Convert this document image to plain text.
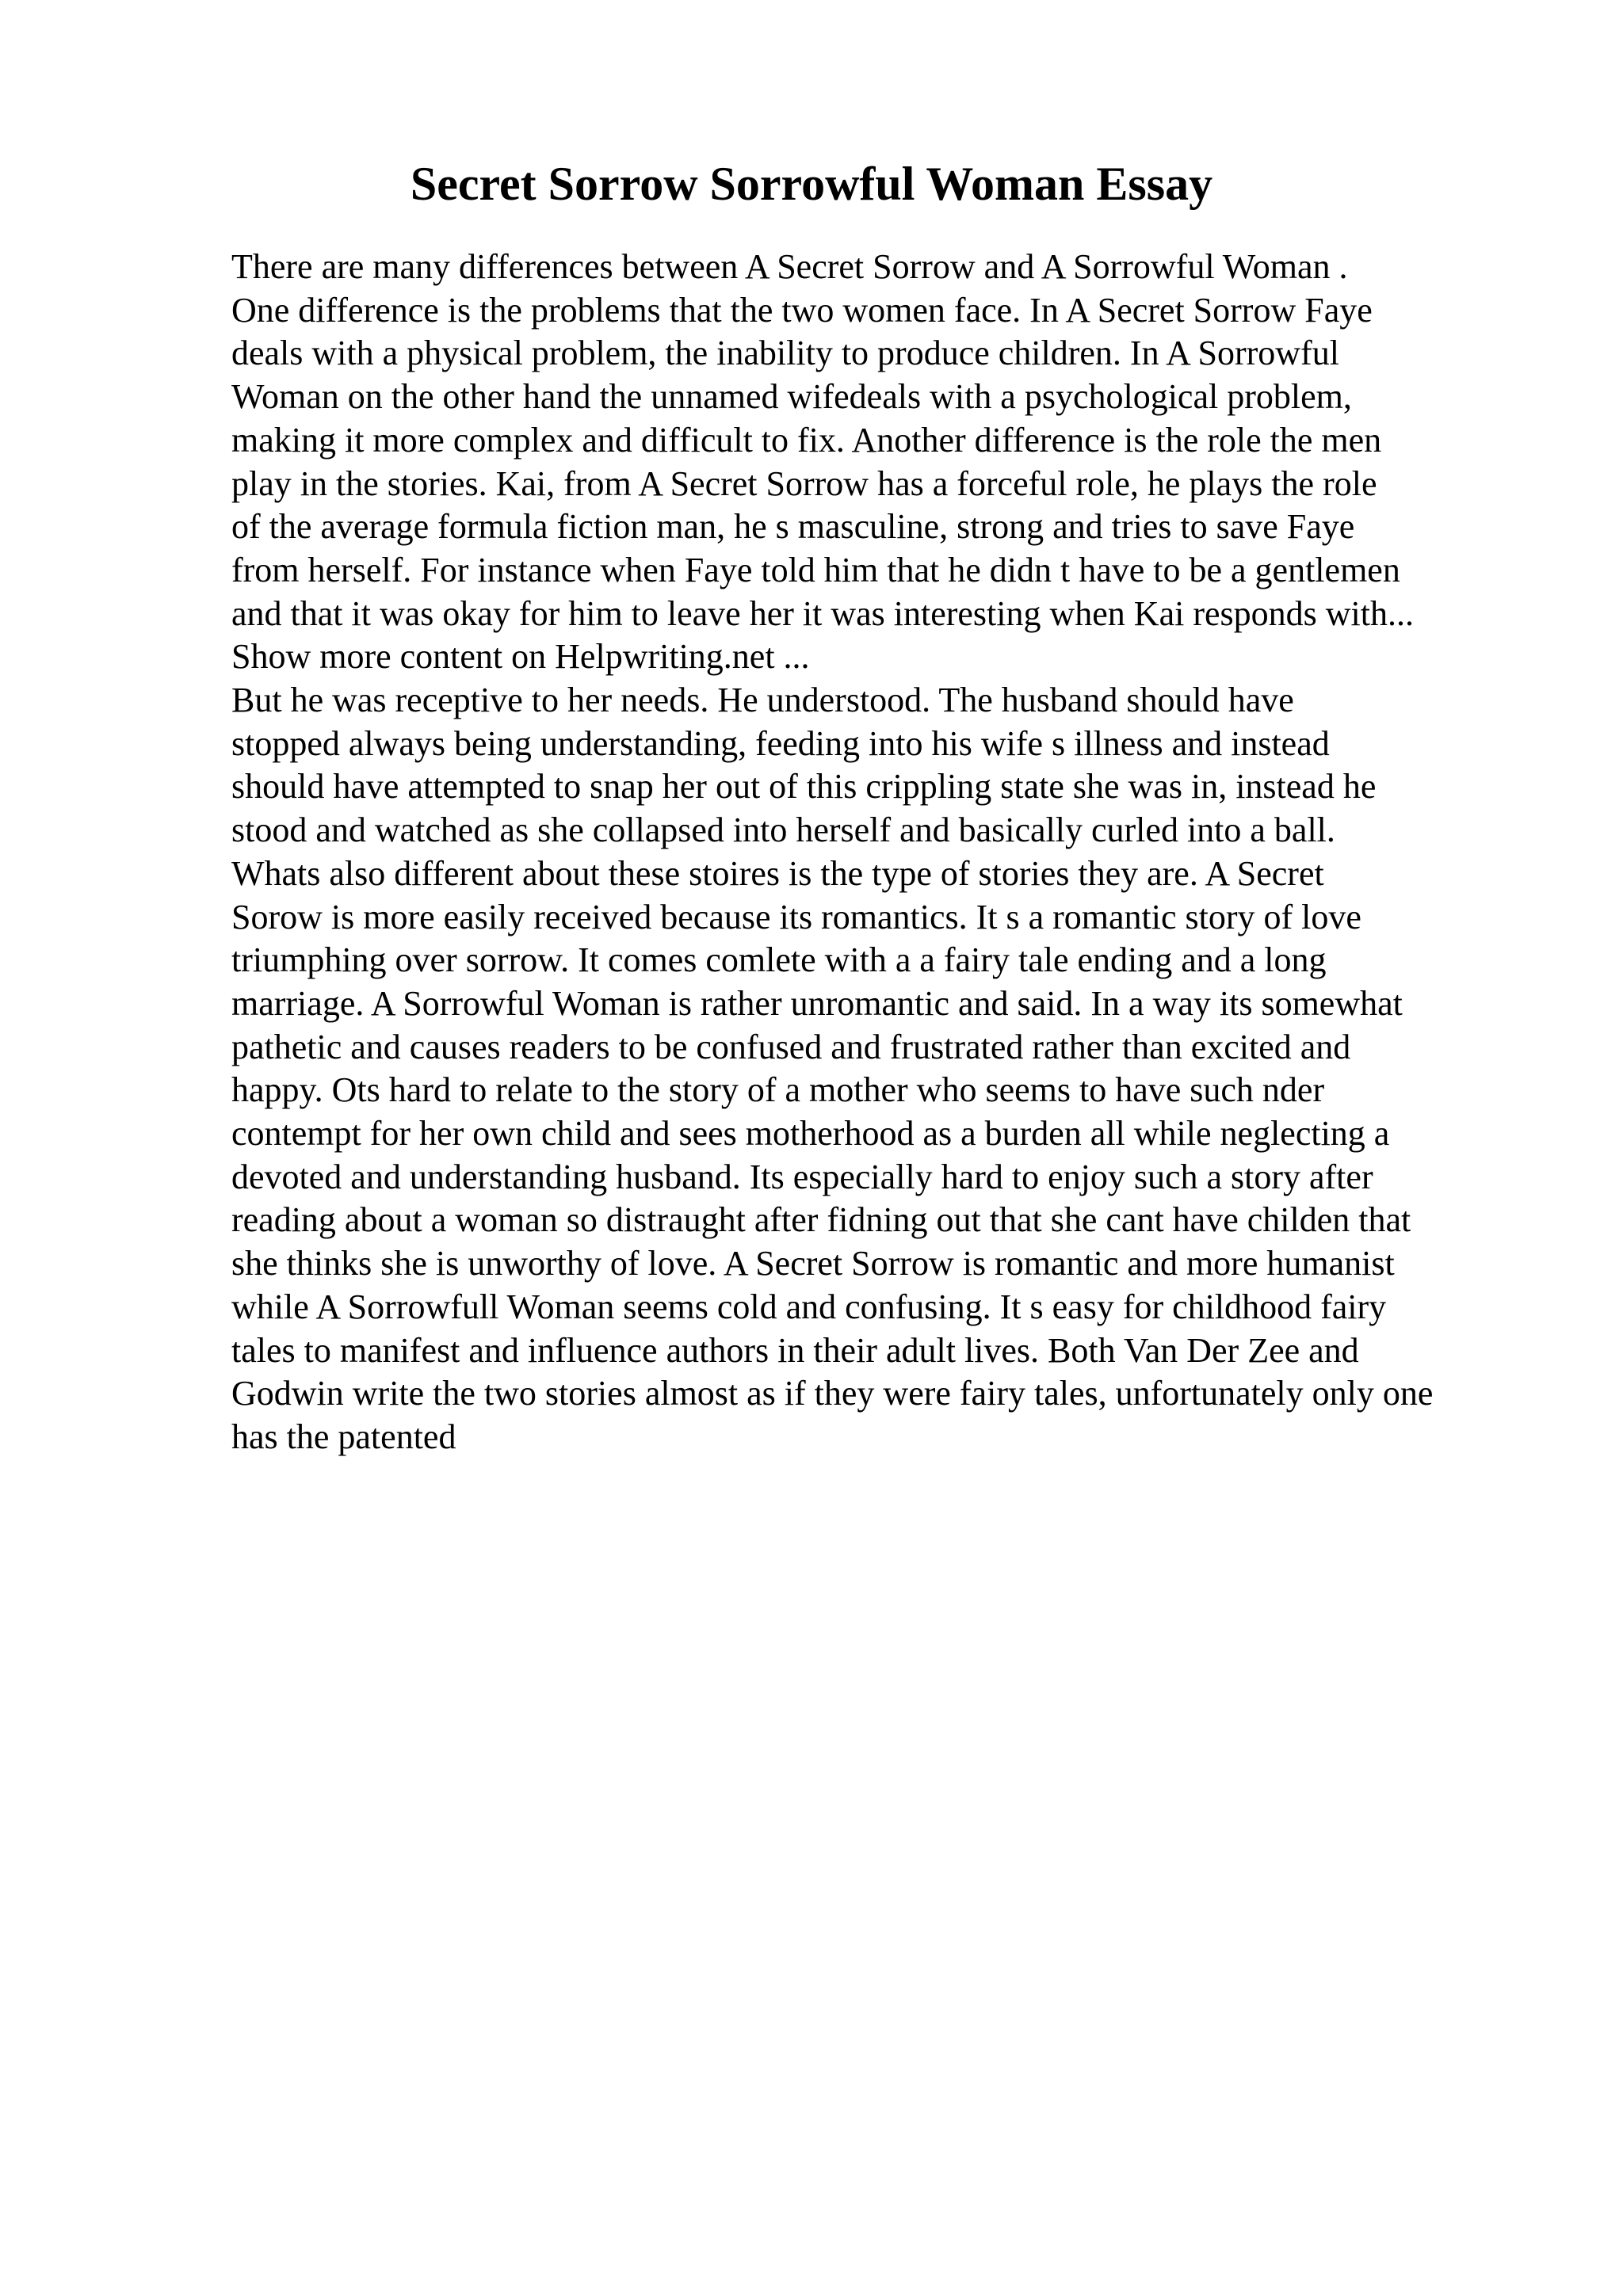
Secret Sorrow Sorrowful Woman Essay
There are many differences between A Secret Sorrow and A Sorrowful Woman .
One difference is the problems that the two women face. In A Secret Sorrow Faye
deals with a physical problem, the inability to produce children. In A Sorrowful
Woman on the other hand the unnamed wifedeals with a psychological problem,
making it more complex and difficult to fix. Another difference is the role the men
play in the stories. Kai, from A Secret Sorrow has a forceful role, he plays the role
of the average formula fiction man, he s masculine, strong and tries to save Faye
from herself. For instance when Faye told him that he didn t have to be a gentlemen
and that it was okay for him to leave her it was interesting when Kai responds with...
Show more content on Helpwriting.net ...
But he was receptive to her needs. He understood. The husband should have
stopped always being understanding, feeding into his wife s illness and instead
should have attempted to snap her out of this crippling state she was in, instead he
stood and watched as she collapsed into herself and basically curled into a ball.
Whats also different about these stoires is the type of stories they are. A Secret
Sorow is more easily received because its romantics. It s a romantic story of love
triumphing over sorrow. It comes comlete with a a fairy tale ending and a long
marriage. A Sorrowful Woman is rather unromantic and said. In a way its somewhat
pathetic and causes readers to be confused and frustrated rather than excited and
happy. Ots hard to relate to the story of a mother who seems to have such nder
contempt for her own child and sees motherhood as a burden all while neglecting a
devoted and understanding husband. Its especially hard to enjoy such a story after
reading about a woman so distraught after fidning out that she cant have childen that
she thinks she is unworthy of love. A Secret Sorrow is romantic and more humanist
while A Sorrowfull Woman seems cold and confusing. It s easy for childhood fairy
tales to manifest and influence authors in their adult lives. Both Van Der Zee and
Godwin write the two stories almost as if they were fairy tales, unfortunately only one
has the patented
